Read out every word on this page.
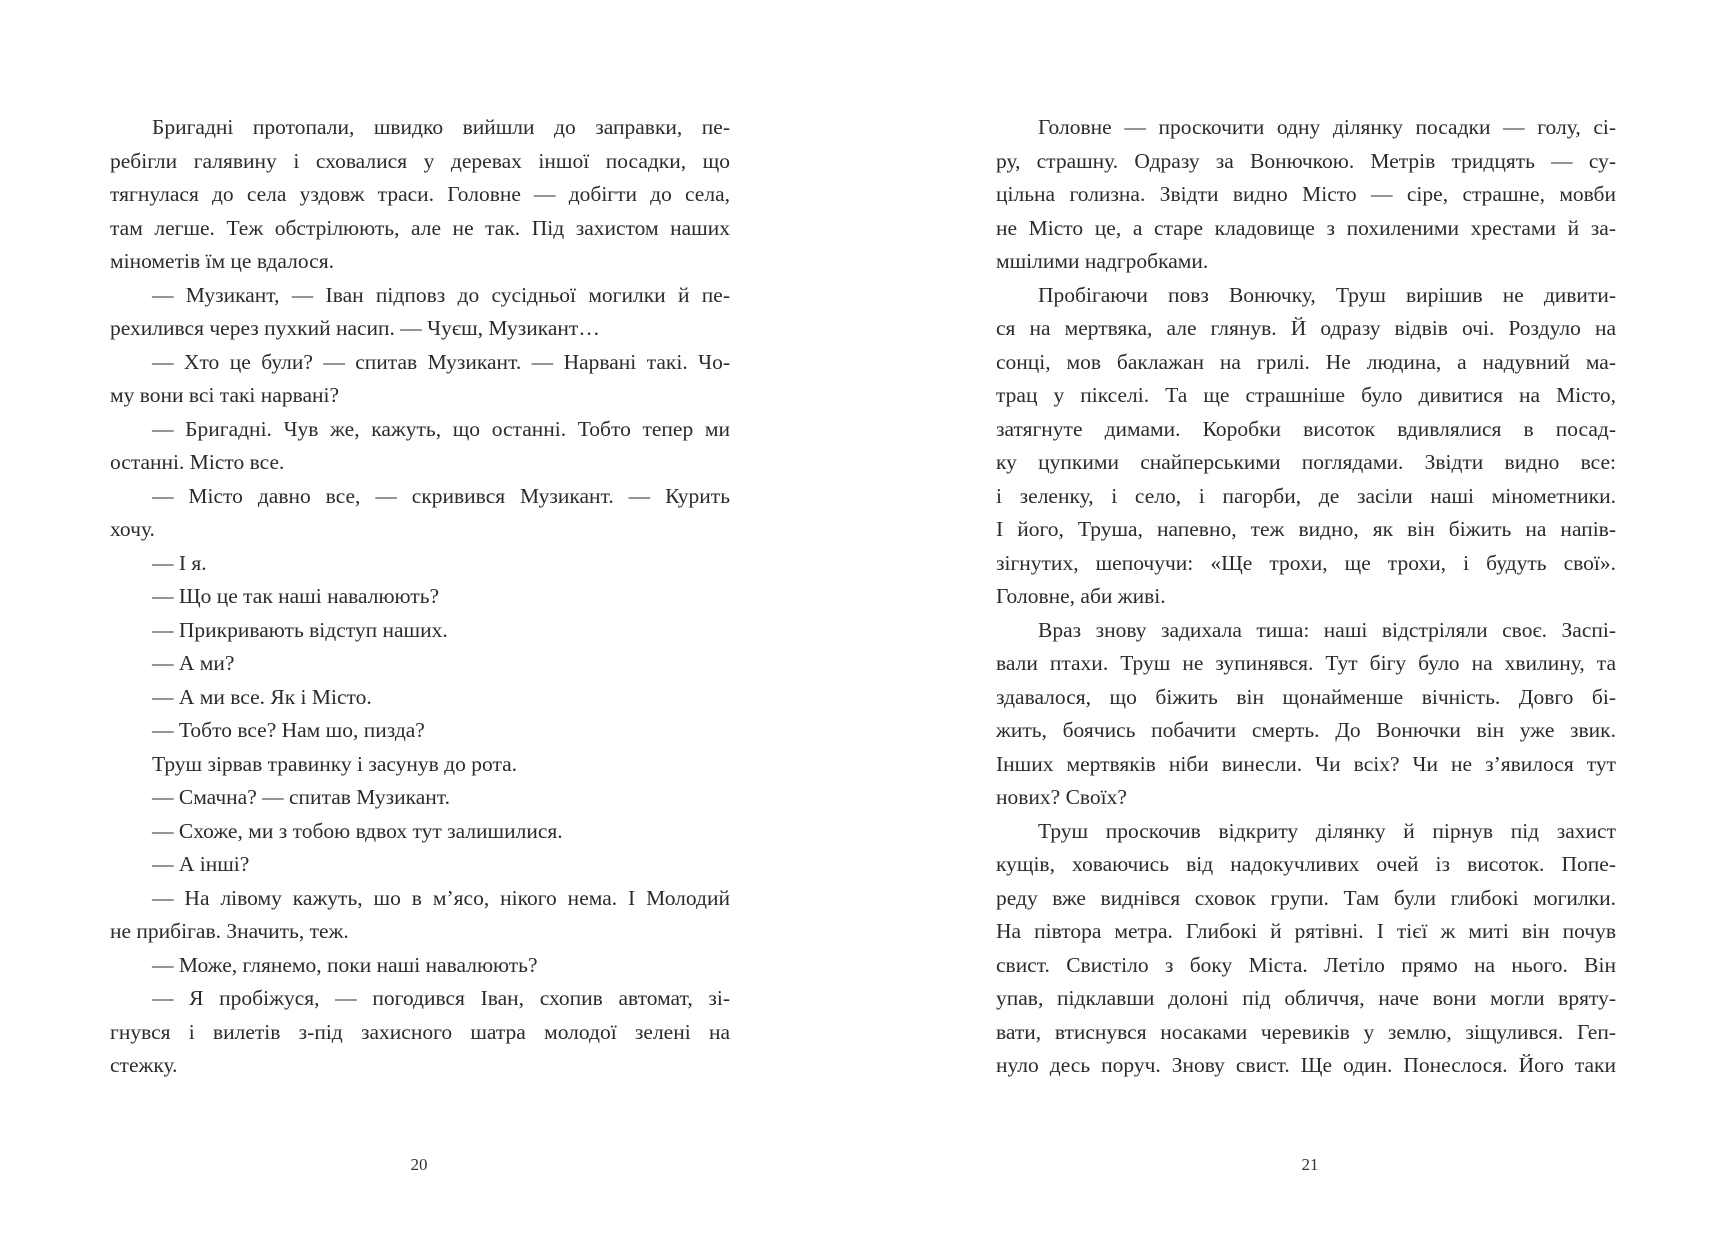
Бригадні протопали, швидко вийшли до заправки, пе-
ребігли галявину і сховалися у деревах іншої посадки, що
тягнулася до села уздовж траси. Головне — добігти до села,
там легше. Теж обстрілюють, але не так. Під захистом наших
мінометів їм це вдалося.
— Музикант, — Іван підповз до сусідньої могилки й пе-
рехилився через пухкий насип. — Чуєш, Музикант…
— Хто це були? — спитав Музикант. — Нарвані такі. Чо-
му вони всі такі нарвані?
— Бригадні. Чув же, кажуть, що останні. Тобто тепер ми
останні. Місто все.
— Місто давно все, — скривився Музикант. — Курить
хочу.
— І я.
— Що це так наші навалюють?
— Прикривають відступ наших.
— А ми?
— А ми все. Як і Місто.
— Тобто все? Нам шо, пизда?
Труш зірвав травинку і засунув до рота.
— Смачна? — спитав Музикант.
— Схоже, ми з тобою вдвох тут залишилися.
— А інші?
— На лівому кажуть, шо в м’ясо, нікого нема. І Молодий
не прибігав. Значить, теж.
— Може, глянемо, поки наші навалюють?
— Я пробіжуся, — погодився Іван, схопив автомат, зі-
гнувся і вилетів з-під захисного шатра молодої зелені на
стежку.
20
Головне — проскочити одну ділянку посадки — голу, сі-
ру, страшну. Одразу за Вонючкою. Метрів тридцять — су-
цільна голизна. Звідти видно Місто — сіре, страшне, мовби
не Місто це, а старе кладовище з похиленими хрестами й за-
мшілими надгробками.
Пробігаючи повз Вонючку, Труш вирішив не дивити-
ся на мертвяка, але глянув. Й одразу відвів очі. Роздуло на
сонці, мов баклажан на грилі. Не людина, а надувний ма-
трац у пікселі. Та ще страшніше було дивитися на Місто,
затягнуте димами. Коробки висоток вдивлялися в посад-
ку цупкими снайперськими поглядами. Звідти видно все:
і зеленку, і село, і пагорби, де засіли наші мінометники.
І його, Труша, напевно, теж видно, як він біжить на напів-
зігнутих, шепочучи: «Ще трохи, ще трохи, і будуть свої».
Головне, аби живі.
Враз знову задихала тиша: наші відстріляли своє. Заспі-
вали птахи. Труш не зупинявся. Тут бігу було на хвилину, та
здавалося, що біжить він щонайменше вічність. Довго бі-
жить, боячись побачити смерть. До Вонючки він уже звик.
Інших мертвяків ніби винесли. Чи всіх? Чи не з’явилося тут
нових? Своїх?
Труш проскочив відкриту ділянку й пірнув під захист
кущів, ховаючись від надокучливих очей із висоток. Попе-
реду вже виднівся сховок групи. Там були глибокі могилки.
На півтора метра. Глибокі й рятівні. І тієї ж миті він почув
свист. Свистіло з боку Міста. Летіло прямо на нього. Він
упав, підклавши долоні під обличчя, наче вони могли вряту-
вати, втиснувся носаками черевиків у землю, зіщулився. Геп-
нуло десь поруч. Знову свист. Ще один. Понеслося. Його таки
21
